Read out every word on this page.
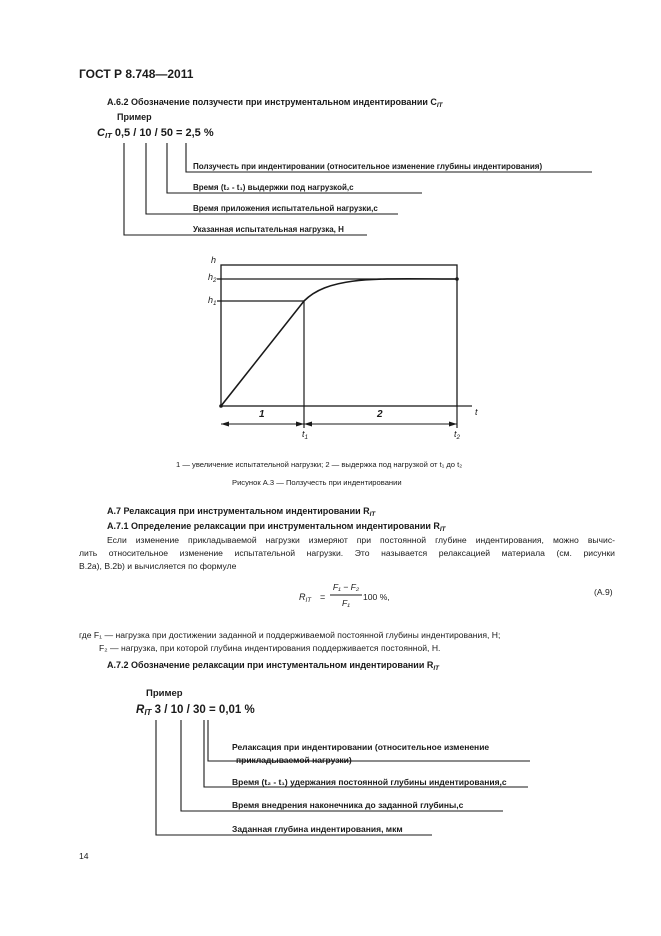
ГОСТ Р 8.748—2011
А.6.2 Обозначение ползучести при инструментальном индентировании $C_{IT}$
Пример
$C_{IT}$ 0,5 / 10 / 50 = 2,5 %
Ползучесть при индентировании (относительное изменение глубины индентирования)
Время (t₂ - t₁) выдержки под нагрузкой,с
Время приложения испытательной нагрузки,с
Указанная испытательная нагрузка, Н
h
$h_2$
$h_1$
t
$t_1$	$t_2$
1	2
1 — увеличение испытательной нагрузки; 2 — выдержка под нагрузкой от t₁ до t₂
Рисунок А.3 — Ползучесть при индентировании
А.7 Релаксация при инструментальном индентировании $R_{IT}$
А.7.1 Определение релаксации при инструментальном индентировании $R_{IT}$
Если изменение прикладываемой нагрузки измеряют при постоянной глубине индентирования, можно вычис-
лить относительное изменение испытательной нагрузки. Это называется релаксацией материала (см. рисунки
В.2а), В.2b) и вычисляется по формуле
$R_{IT}$ =
F₁ − F₂
F₁
100 %,	(А.9)
где F₁ — нагрузка при достижении заданной и поддерживаемой постоянной глубины индентирования, Н;
F₂ — нагрузка, при которой глубина индентирования поддерживается постоянной, Н.
А.7.2 Обозначение релаксации при инстументальном индентировании $R_{IT}$
Пример
$R_{IT}$ 3 / 10 / 30 = 0,01 %
Релаксация при индентировании (относительное изменение
прикладываемой нагрузки)
Время (t₂ - t₁) удержания постоянной глубины индентирования,с
Время внедрения наконечника до заданной глубины,с
Заданная глубина индентирования, мкм
14
